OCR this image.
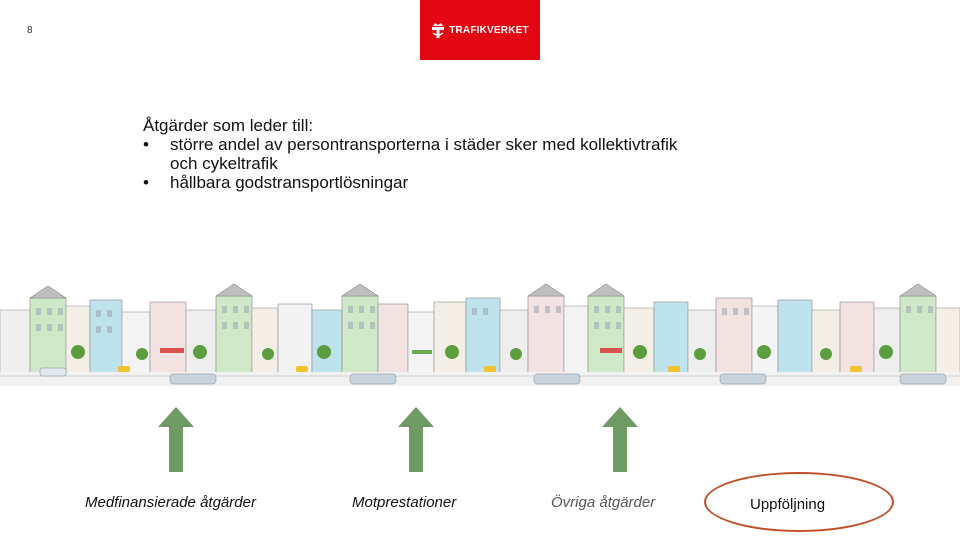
8	TRAFIKVERKET
Åtgärder som leder till:
• större andel av persontransporterna i städer sker med kollektivtrafik
och cykeltrafik
• hållbara godstransportlösningar
Medfinansierade åtgärder	Motprestationer	Övriga åtgärder	Uppföljning
